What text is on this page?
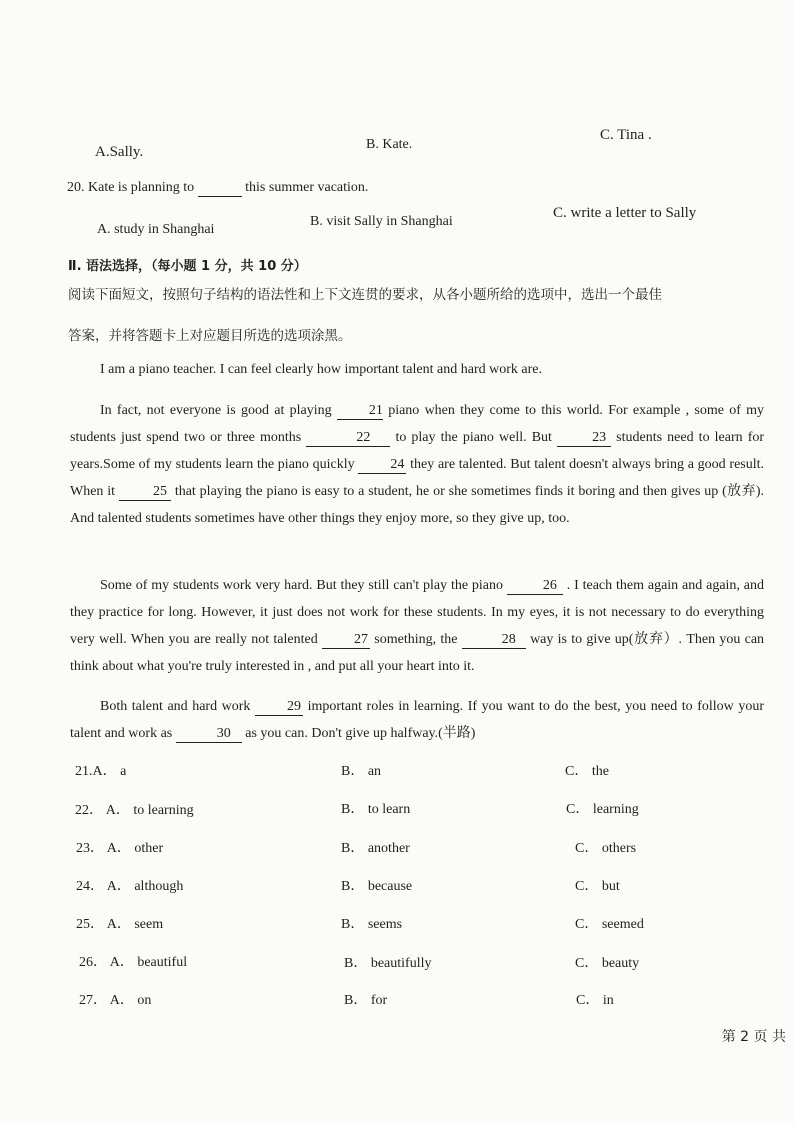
A.Sally.	B. Kate.
C. Tina .
20. Kate is planning to	this summer vacation.
A. study in Shanghai
B. visit Sally in Shanghai
C. write a letter to Sally
Ⅱ. 语法选择，（每小题 1 分，共 10 分）
阅读下面短文，按照句子结构的语法性和上下文连贯的要求，从各小题所给的选项中，选出一个最佳
答案，并将答题卡上对应题目所选的选项涂黑。
I am a piano teacher. I can feel clearly how important talent and hard work are.

In fact, not everyone is good at playing	21 piano when they come to this world. For example , some of my students just spend two or three months	22 to play the piano well. But	23 students need to learn for years.Some of my students learn the piano quickly	24 they are talented. But talent doesn't always bring a good result. When it	25 that playing the piano is easy to a student, he or she sometimes finds it boring and then gives up (放弃). And talented students sometimes have other things they enjoy more, so they give up, too.

Some of my students work very hard. But they still can't play the piano	26 . I teach them again and again, and they practice for long. However, it just does not work for these students. In my eyes, it is not necessary to do everything very well. When you are really not talented	27 something, the	28 way is to give up(放弃）. Then you can think about what you're truly interested in , and put all your heart into it.

Both talent and hard work	29 important roles in learning. If you want to do the best, you need to follow your talent and work as	30 as you can. Don't give up halfway.(半路)

21.A． a	B． an	C． the
22． A． to learning	B． to learn	C． learning
23． A． other	B． another	C． others
24． A． although	B． because	C． but
25． A． seem	B． seems	C． seemed
26． A． beautiful	B． beautifully	C． beauty
27． A． on	B． for	C． in
第 2 页 共
